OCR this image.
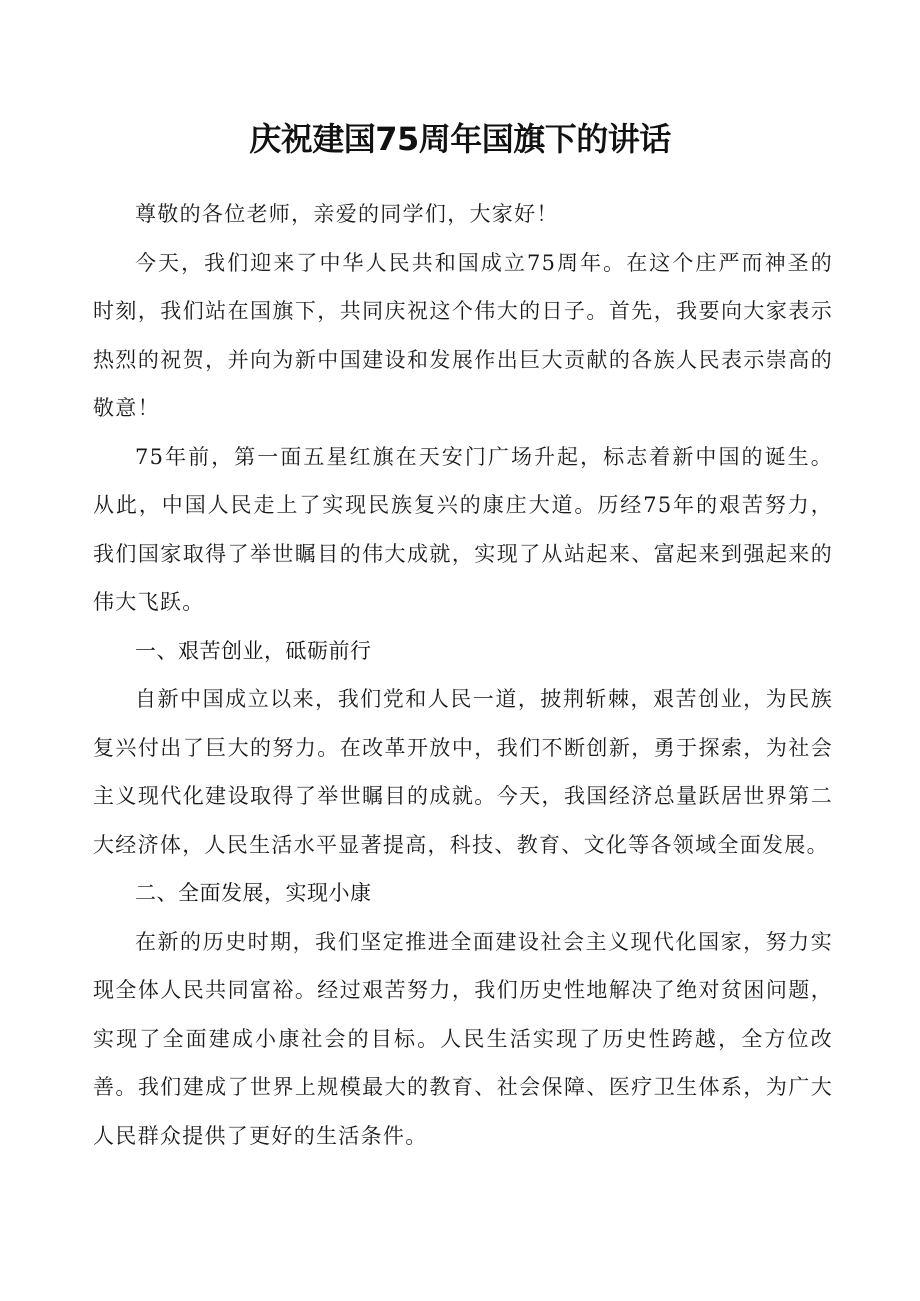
庆祝建国75周年国旗下的讲话

尊敬的各位老师，亲爱的同学们，大家好！

今天，我们迎来了中华人民共和国成立75周年。在这个庄严而神圣的时刻，我们站在国旗下，共同庆祝这个伟大的日子。首先，我要向大家表示热烈的祝贺，并向为新中国建设和发展作出巨大贡献的各族人民表示崇高的敬意！

75年前，第一面五星红旗在天安门广场升起，标志着新中国的诞生。从此，中国人民走上了实现民族复兴的康庄大道。历经75年的艰苦努力，我们国家取得了举世瞩目的伟大成就，实现了从站起来、富起来到强起来的伟大飞跃。

一、艰苦创业，砥砺前行

自新中国成立以来，我们党和人民一道，披荆斩棘，艰苦创业，为民族复兴付出了巨大的努力。在改革开放中，我们不断创新，勇于探索，为社会主义现代化建设取得了举世瞩目的成就。今天，我国经济总量跃居世界第二大经济体，人民生活水平显著提高，科技、教育、文化等各领域全面发展。

二、全面发展，实现小康

在新的历史时期，我们坚定推进全面建设社会主义现代化国家，努力实现全体人民共同富裕。经过艰苦努力，我们历史性地解决了绝对贫困问题，实现了全面建成小康社会的目标。人民生活实现了历史性跨越，全方位改善。我们建成了世界上规模最大的教育、社会保障、医疗卫生体系，为广大人民群众提供了更好的生活条件。
